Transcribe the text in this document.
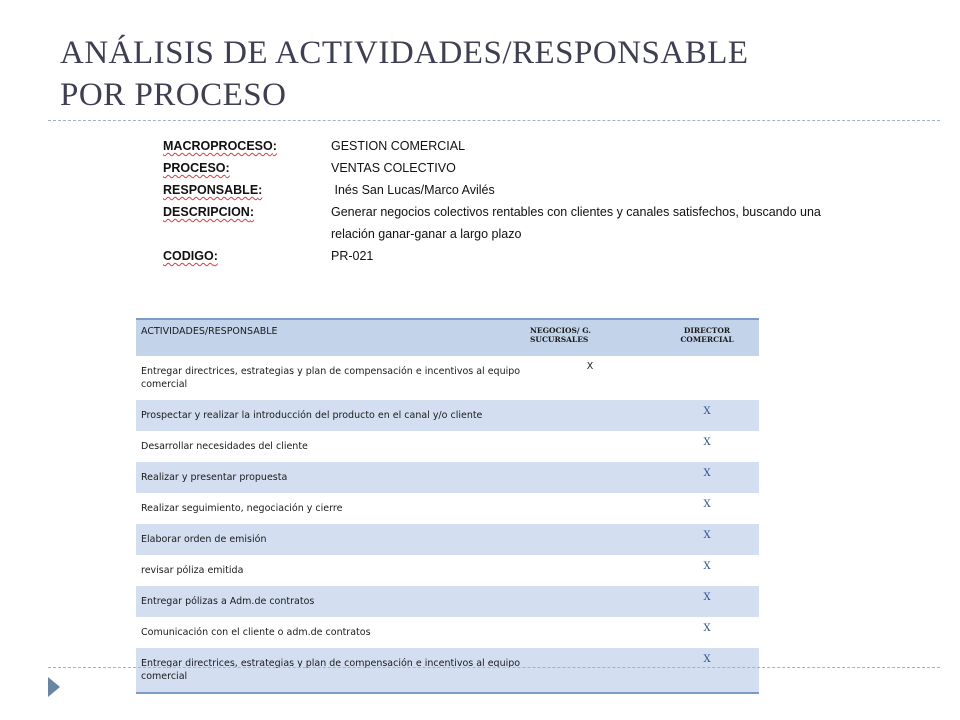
ANÁLISIS DE ACTIVIDADES/RESPONSABLE
POR PROCESO
MACROPROCESO:	GESTION COMERCIAL
PROCESO:	VENTAS COLECTIVO
RESPONSABLE:	Inés San Lucas/Marco Avilés
DESCRIPCION:	Generar negocios colectivos rentables con clientes y canales satisfechos, buscando una relación ganar-ganar a largo plazo
CODIGO:	PR-021
ACTIVIDADES/RESPONSABLE	NEGOCIOS/ G. SUCURSALES	DIRECTOR COMERCIAL
Entregar directrices, estrategias y plan de compensación e incentivos al equipo comercial	X	
Prospectar y realizar la introducción del producto en el canal y/o cliente		X
Desarrollar necesidades del cliente		X
Realizar y presentar propuesta		X
Realizar seguimiento, negociación y cierre		X
Elaborar orden de emisión		X
revisar póliza emitida		X
Entregar pólizas a Adm.de contratos		X
Comunicación con el cliente o adm.de contratos		X
Entregar directrices, estrategias y plan de compensación e incentivos al equipo comercial		X
